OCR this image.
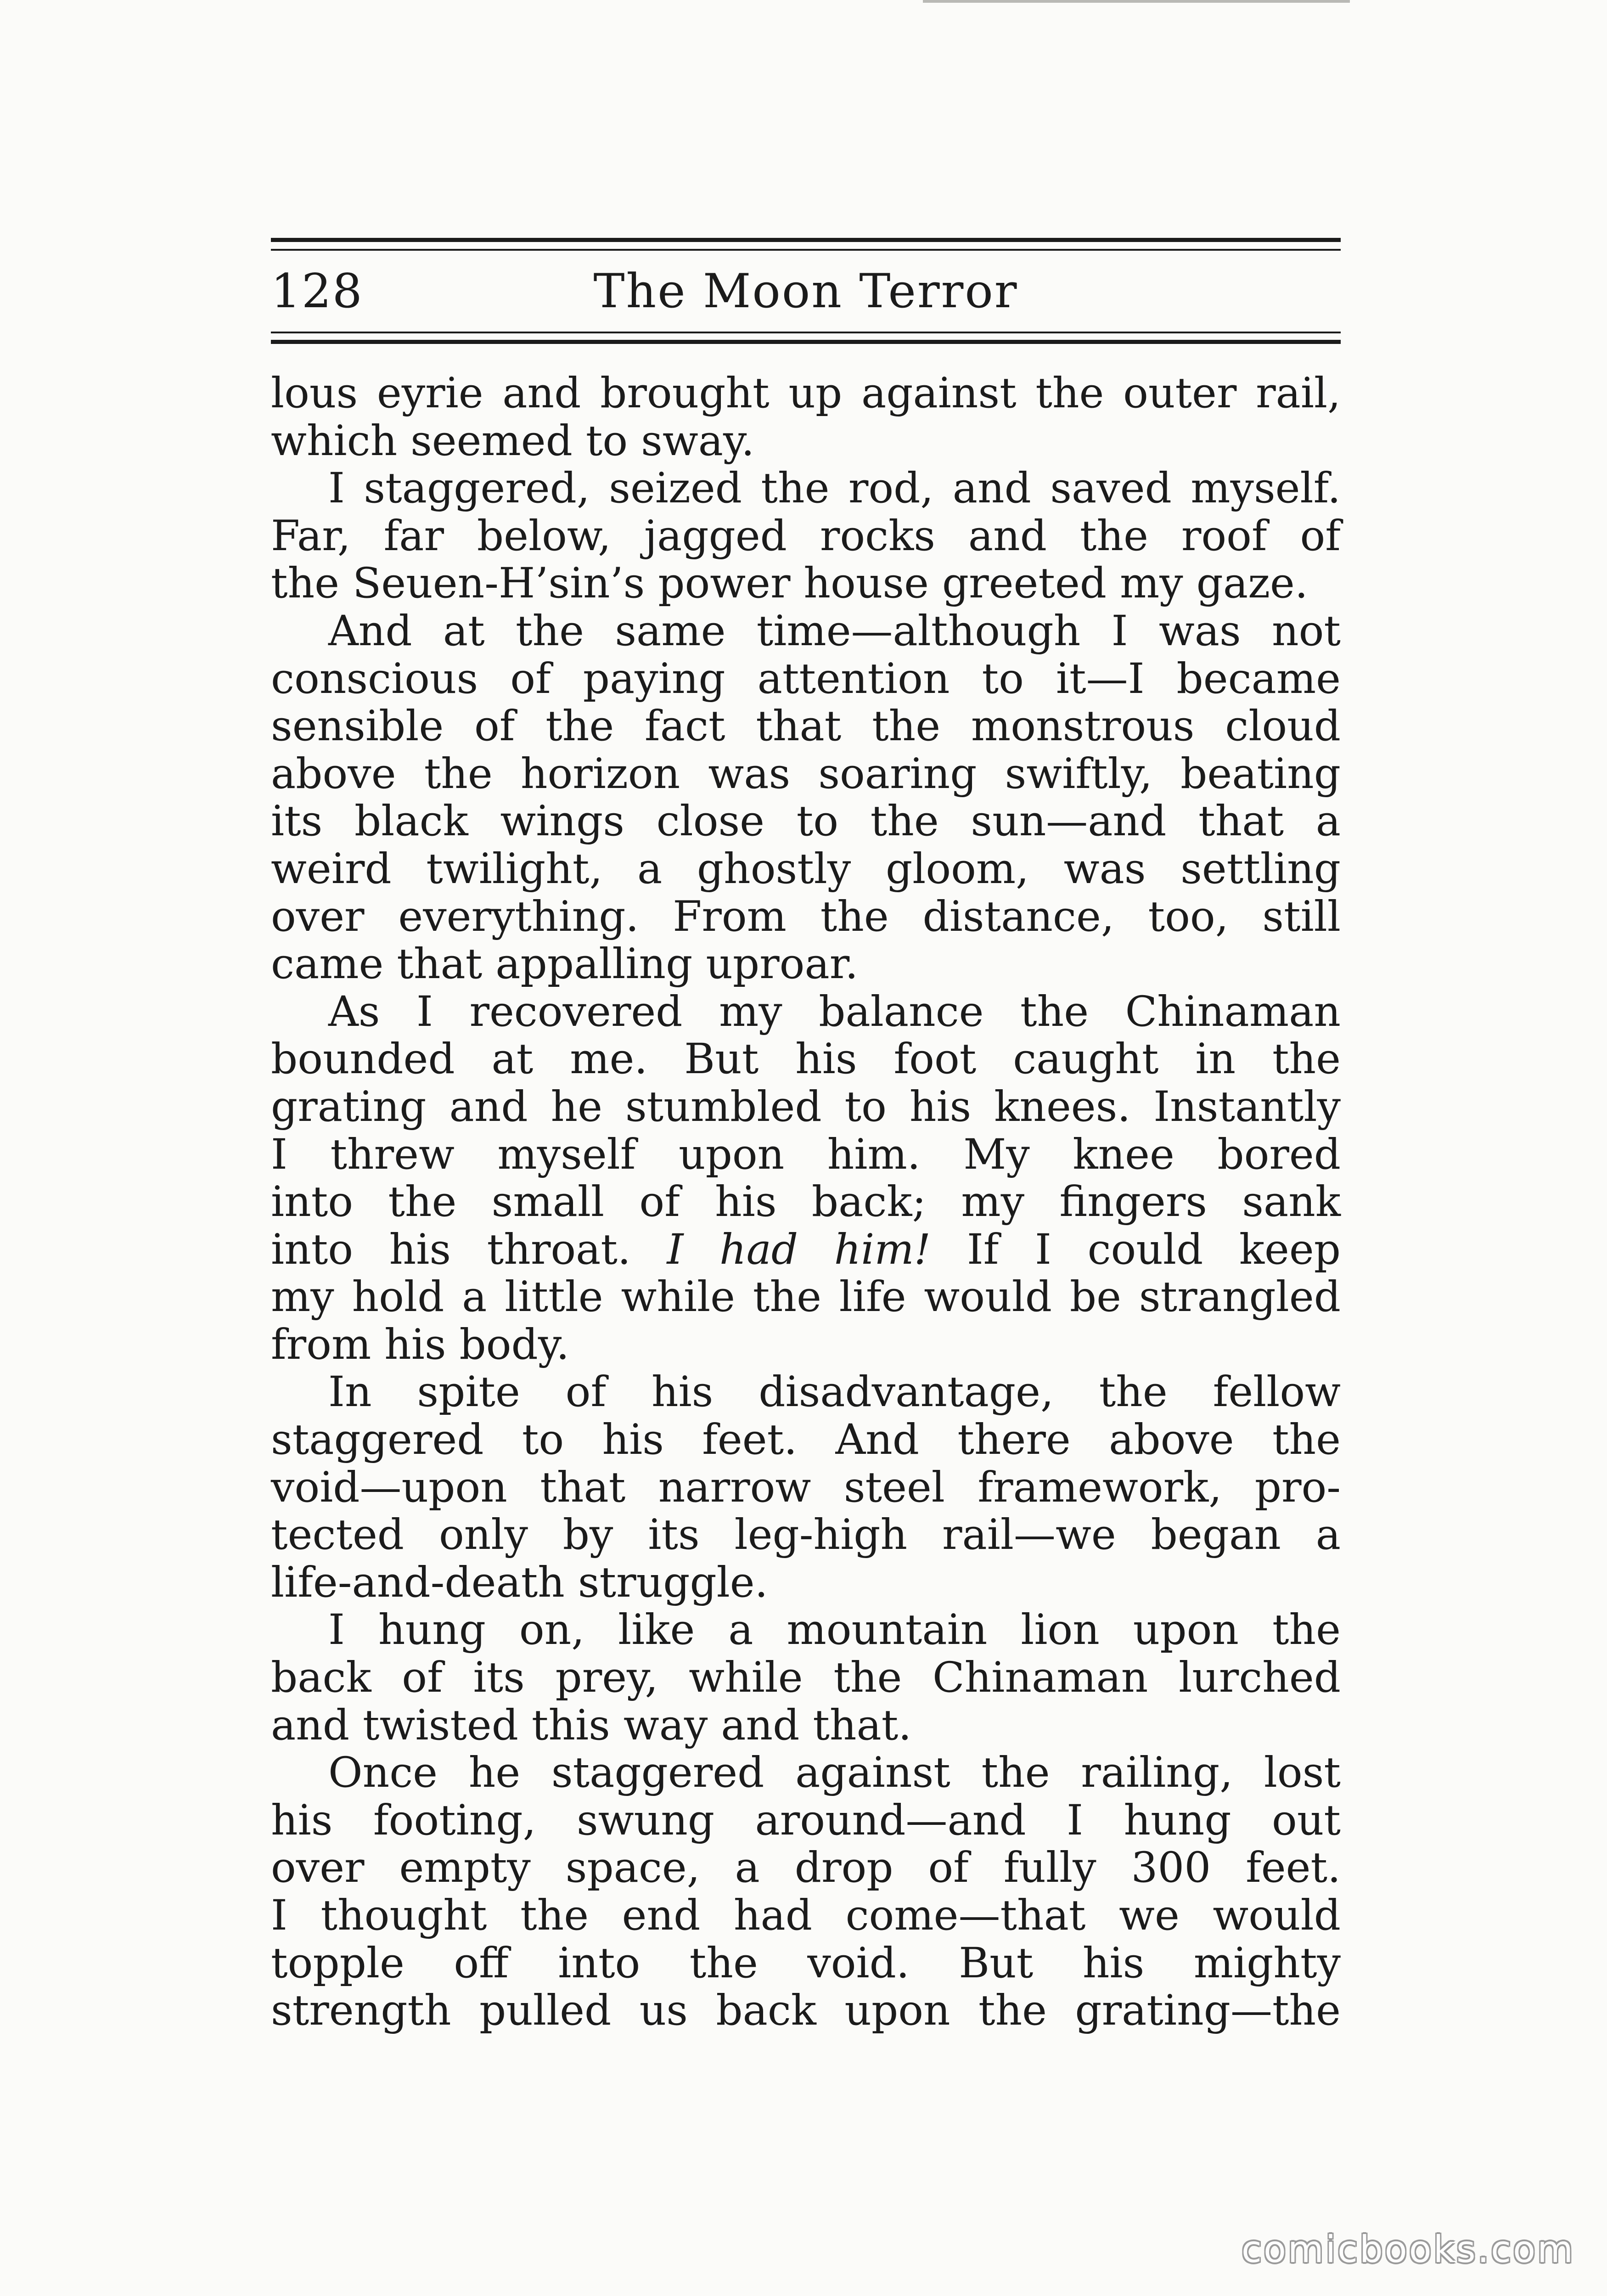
128	The Moon Terror
lous eyrie and brought up against the outer rail,
which seemed to sway.
I staggered, seized the rod, and saved myself.
Far, far below, jagged rocks and the roof of
the Seuen-H’sin’s power house greeted my gaze.
And at the same time—although I was not
conscious of paying attention to it—I became
sensible of the fact that the monstrous cloud
above the horizon was soaring swiftly, beating
its black wings close to the sun—and that a
weird twilight, a ghostly gloom, was settling
over everything. From the distance, too, still
came that appalling uproar.
As I recovered my balance the Chinaman
bounded at me. But his foot caught in the
grating and he stumbled to his knees. Instantly
I threw myself upon him. My knee bored
into the small of his back; my fingers sank
into his throat. I had him! If I could keep
my hold a little while the life would be strangled
from his body.
In spite of his disadvantage, the fellow
staggered to his feet. And there above the
void—upon that narrow steel framework, pro-
tected only by its leg-high rail—we began a
life-and-death struggle.
I hung on, like a mountain lion upon the
back of its prey, while the Chinaman lurched
and twisted this way and that.
Once he staggered against the railing, lost
his footing, swung around—and I hung out
over empty space, a drop of fully 300 feet.
I thought the end had come—that we would
topple off into the void. But his mighty
strength pulled us back upon the grating—the
comicbooks.com
